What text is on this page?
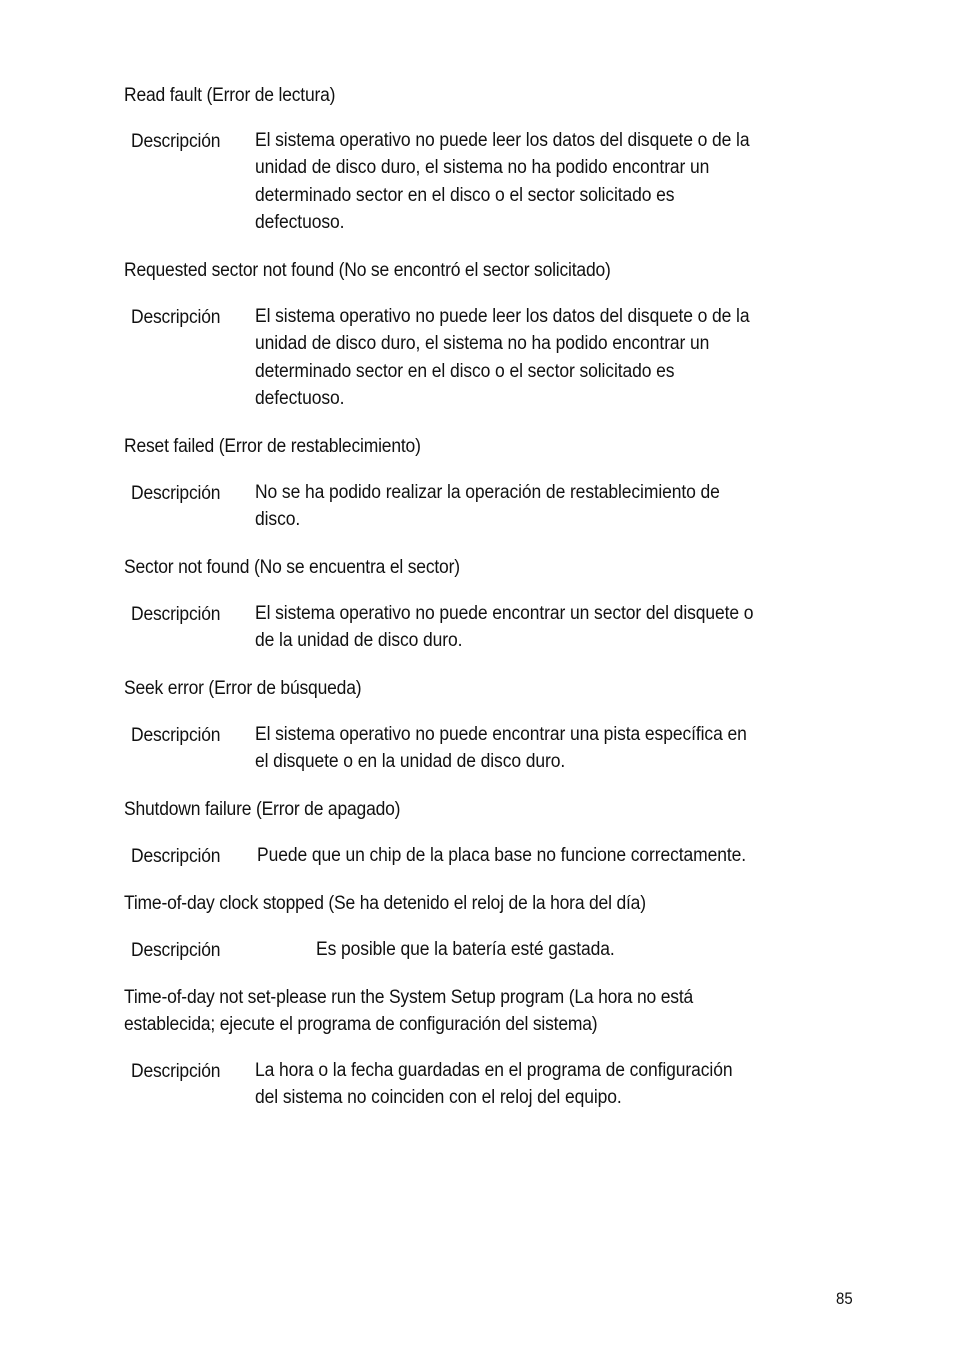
Read fault (Error de lectura)
Descripción El sistema operativo no puede leer los datos del disquete o de la
unidad de disco duro, el sistema no ha podido encontrar un
determinado sector en el disco o el sector solicitado es
defectuoso.
Requested sector not found (No se encontró el sector solicitado)
Descripción El sistema operativo no puede leer los datos del disquete o de la
unidad de disco duro, el sistema no ha podido encontrar un
determinado sector en el disco o el sector solicitado es
defectuoso.
Reset failed (Error de restablecimiento)
Descripción No se ha podido realizar la operación de restablecimiento de
disco.
Sector not found (No se encuentra el sector)
Descripción El sistema operativo no puede encontrar un sector del disquete o
de la unidad de disco duro.
Seek error (Error de búsqueda)
Descripción El sistema operativo no puede encontrar una pista específica en
el disquete o en la unidad de disco duro.
Shutdown failure (Error de apagado)
Descripción Puede que un chip de la placa base no funcione correctamente.
Time-of-day clock stopped (Se ha detenido el reloj de la hora del día)
Descripción	Es posible que la batería esté gastada.
Time-of-day not set-please run the System Setup program (La hora no está
establecida; ejecute el programa de configuración del sistema)
Descripción La hora o la fecha guardadas en el programa de configuración
del sistema no coinciden con el reloj del equipo.
85
